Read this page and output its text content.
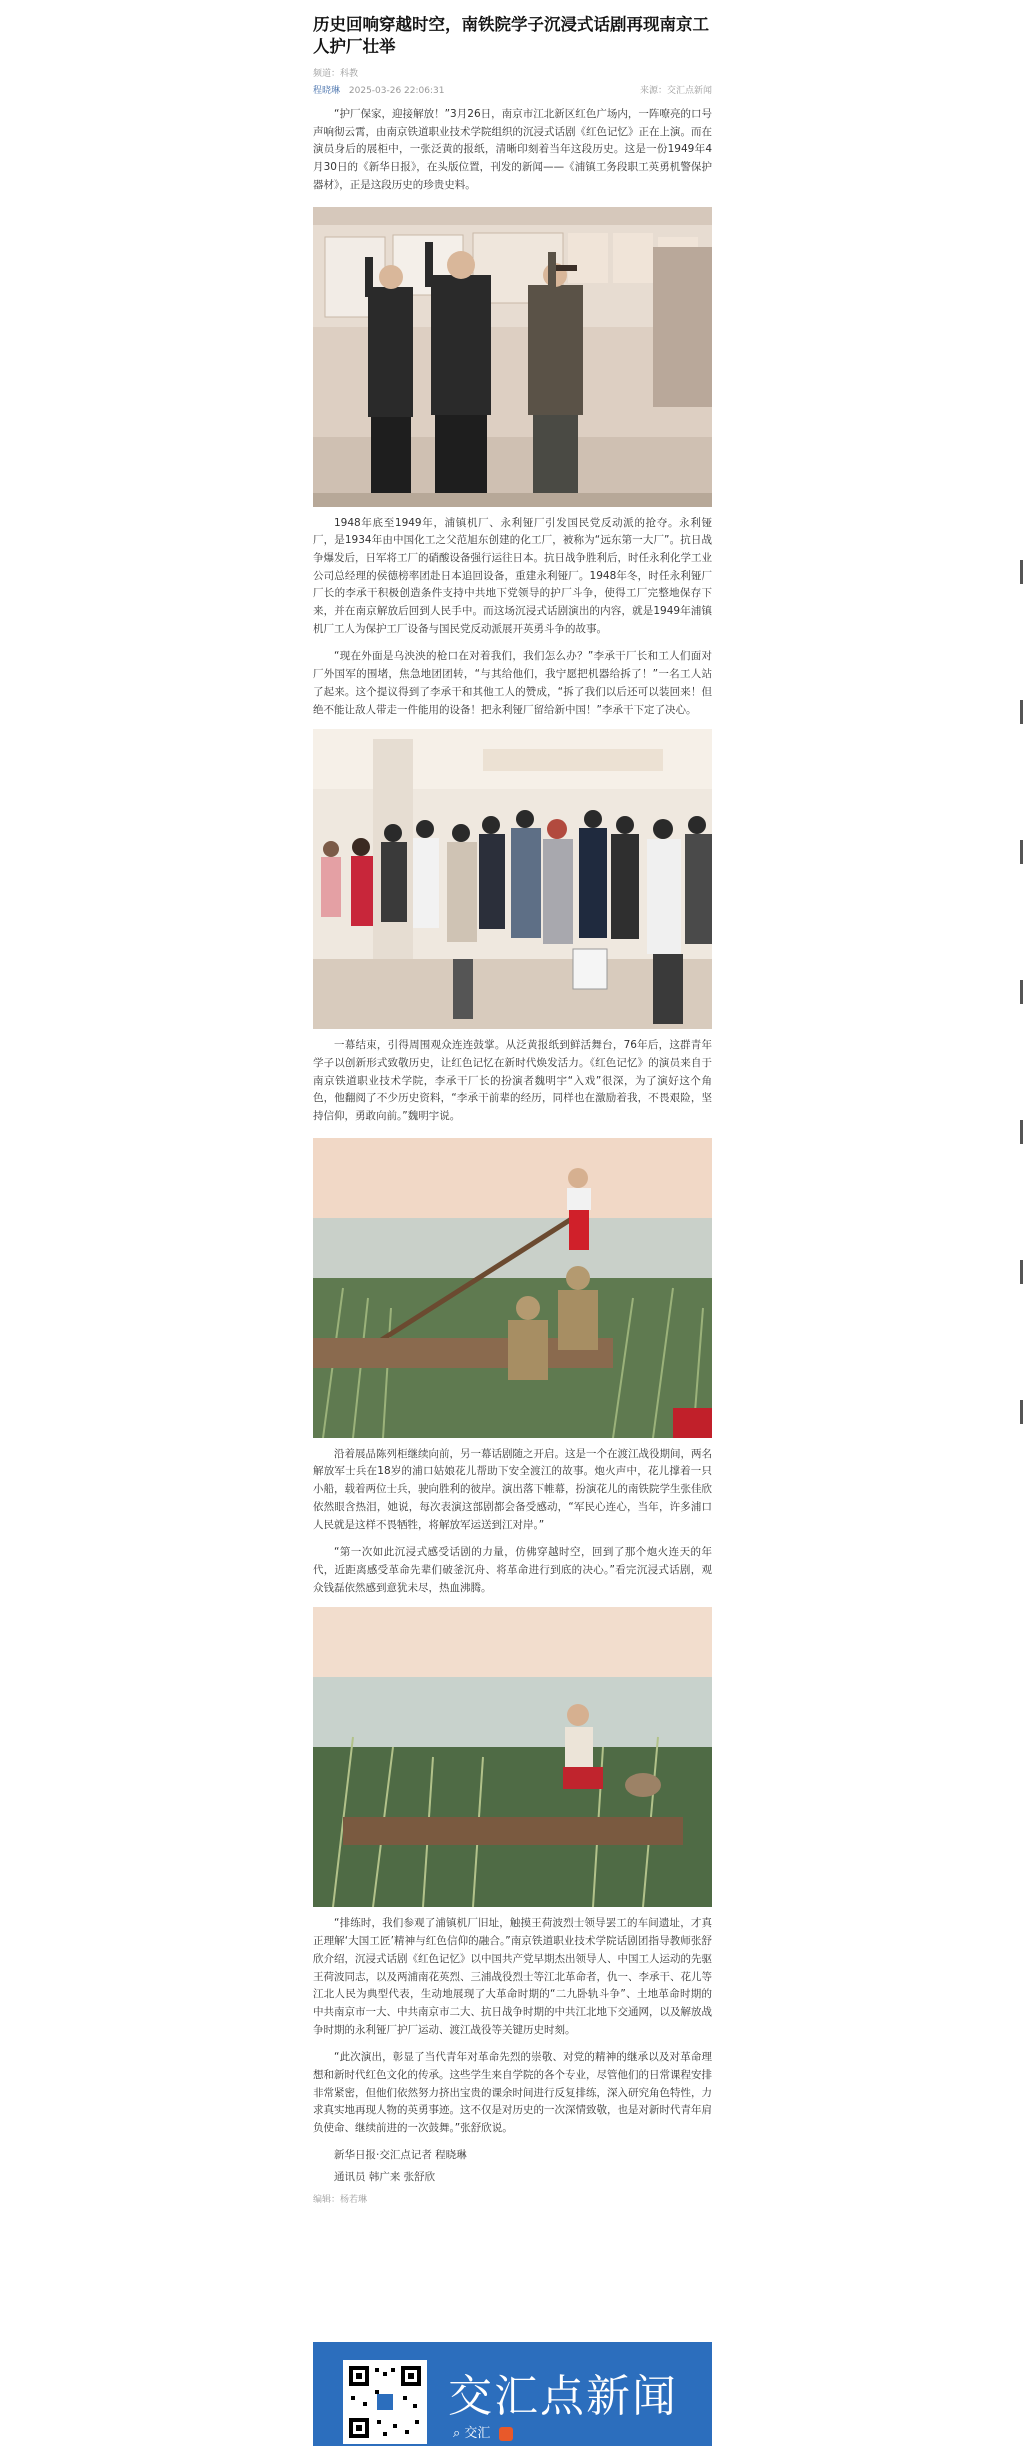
历史回响穿越时空，南铁院学子沉浸式话剧再现南京工人护厂壮举
频道：科教
程晓琳 2025-03-26 22:06:31	来源：交汇点新闻

“护厂保家，迎接解放！”3月26日，南京市江北新区红色广场内，一阵嘹亮的口号声响彻云霄，由南京铁道职业技术学院组织的沉浸式话剧《红色记忆》正在上演。而在演员身后的展柜中，一张泛黄的报纸，清晰印刻着当年这段历史。这是一份1949年4月30日的《新华日报》，在头版位置，刊发的新闻——《浦镇工务段职工英勇机警保护器材》，正是这段历史的珍贵史料。

1948年底至1949年，浦镇机厂、永利铔厂引发国民党反动派的抢夺。永利铔厂，是1934年由中国化工之父范旭东创建的化工厂，被称为“远东第一大厂”。抗日战争爆发后，日军将工厂的硝酸设备强行运往日本。抗日战争胜利后，时任永利化学工业公司总经理的侯德榜率团赴日本追回设备，重建永利铔厂。1948年冬，时任永利铔厂厂长的李承干积极创造条件支持中共地下党领导的护厂斗争，使得工厂完整地保存下来，并在南京解放后回到人民手中。而这场沉浸式话剧演出的内容，就是1949年浦镇机厂工人为保护工厂设备与国民党反动派展开英勇斗争的故事。

“现在外面是乌泱泱的枪口在对着我们，我们怎么办？”李承干厂长和工人们面对厂外国军的围堵，焦急地团团转，“与其给他们，我宁愿把机器给拆了！”一名工人站了起来。这个提议得到了李承干和其他工人的赞成，“拆了我们以后还可以装回来！但绝不能让敌人带走一件能用的设备！把永利铔厂留给新中国！”李承干下定了决心。

一幕结束，引得周围观众连连鼓掌。从泛黄报纸到鲜活舞台，76年后，这群青年学子以创新形式致敬历史，让红色记忆在新时代焕发活力。《红色记忆》的演员来自于南京铁道职业技术学院，李承干厂长的扮演者魏明宇“入戏”很深，为了演好这个角色，他翻阅了不少历史资料，“李承干前辈的经历，同样也在激励着我，不畏艰险，坚持信仰，勇敢向前。”魏明宇说。

沿着展品陈列柜继续向前，另一幕话剧随之开启。这是一个在渡江战役期间，两名解放军士兵在18岁的浦口姑娘花儿帮助下安全渡江的故事。炮火声中，花儿撑着一只小船，载着两位士兵，驶向胜利的彼岸。演出落下帷幕，扮演花儿的南铁院学生张佳欣依然眼含热泪，她说，每次表演这部剧都会备受感动，“军民心连心，当年，许多浦口人民就是这样不畏牺牲，将解放军运送到江对岸。”

“第一次如此沉浸式感受话剧的力量，仿佛穿越时空，回到了那个炮火连天的年代，近距离感受革命先辈们破釜沉舟、将革命进行到底的决心。”看完沉浸式话剧，观众钱磊依然感到意犹未尽，热血沸腾。

“排练时，我们参观了浦镇机厂旧址，触摸王荷波烈士领导罢工的车间遗址，才真正理解‘大国工匠’精神与红色信仰的融合。”南京铁道职业技术学院话剧团指导教师张舒欣介绍，沉浸式话剧《红色记忆》以中国共产党早期杰出领导人、中国工人运动的先驱王荷波同志，以及两浦南花英烈、三浦战役烈士等江北革命者，仇一、李承干、花儿等江北人民为典型代表，生动地展现了大革命时期的“二九卧轨斗争”、土地革命时期的中共南京市一大、中共南京市二大、抗日战争时期的中共江北地下交通网，以及解放战争时期的永利铔厂护厂运动、渡江战役等关键历史时刻。

“此次演出，彰显了当代青年对革命先烈的崇敬、对党的精神的继承以及对革命理想和新时代红色文化的传承。这些学生来自学院的各个专业，尽管他们的日常课程安排非常紧密，但他们依然努力挤出宝贵的课余时间进行反复排练，深入研究角色特性，力求真实地再现人物的英勇事迹。这不仅是对历史的一次深情致敬，也是对新时代青年肩负使命、继续前进的一次鼓舞。”张舒欣说。

新华日报·交汇点记者 程晓琳
通讯员 韩广来 张舒欣
编辑：杨若琳
交汇点新闻
⌕ 交汇
